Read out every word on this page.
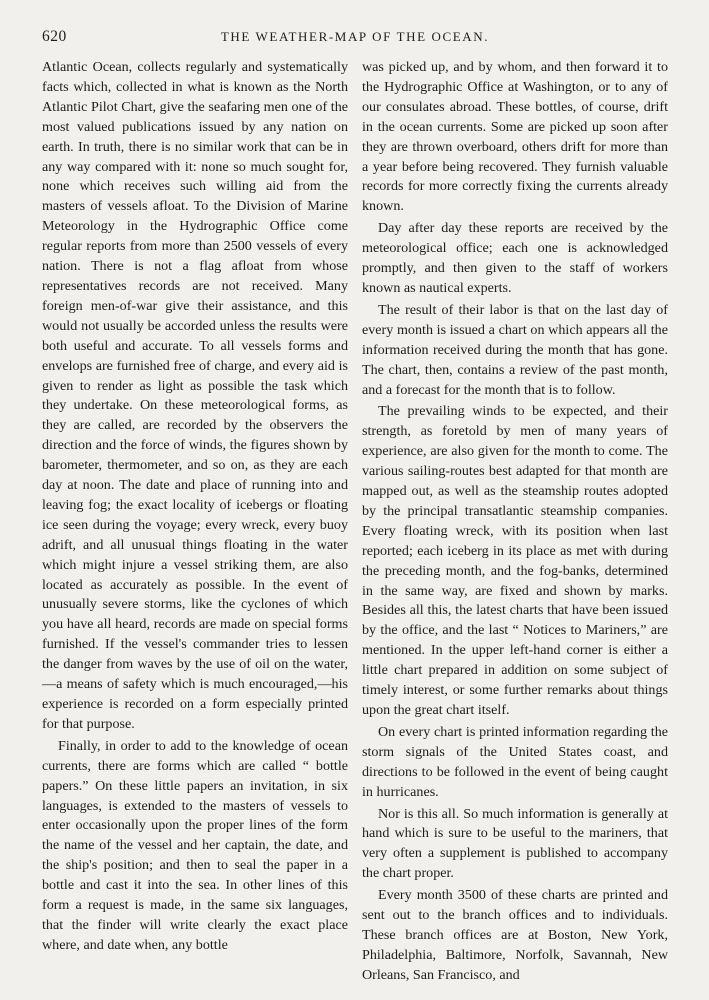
620	THE WEATHER-MAP OF THE OCEAN.

Atlantic Ocean, collects regularly and systematically facts which, collected in what is known as the North Atlantic Pilot Chart, give the seafaring men one of the most valued publications issued by any nation on earth. In truth, there is no similar work that can be in any way compared with it: none so much sought for, none which receives such willing aid from the masters of vessels afloat. To the Division of Marine Meteorology in the Hydrographic Office come regular reports from more than 2500 vessels of every nation. There is not a flag afloat from whose representatives records are not received. Many foreign men-of-war give their assistance, and this would not usually be accorded unless the results were both useful and accurate. To all vessels forms and envelops are furnished free of charge, and every aid is given to render as light as possible the task which they undertake. On these meteorological forms, as they are called, are recorded by the observers the direction and the force of winds, the figures shown by barometer, thermometer, and so on, as they are each day at noon. The date and place of running into and leaving fog; the exact locality of icebergs or floating ice seen during the voyage; every wreck, every buoy adrift, and all unusual things floating in the water which might injure a vessel striking them, are also located as accurately as possible. In the event of unusually severe storms, like the cyclones of which you have all heard, records are made on special forms furnished. If the vessel's commander tries to lessen the danger from waves by the use of oil on the water,—a means of safety which is much encouraged,—his experience is recorded on a form especially printed for that purpose.

Finally, in order to add to the knowledge of ocean currents, there are forms which are called “ bottle papers.” On these little papers an invitation, in six languages, is extended to the masters of vessels to enter occasionally upon the proper lines of the form the name of the vessel and her captain, the date, and the ship's position; and then to seal the paper in a bottle and cast it into the sea. In other lines of this form a request is made, in the same six languages, that the finder will write clearly the exact place where, and date when, any bottle

was picked up, and by whom, and then forward it to the Hydrographic Office at Washington, or to any of our consulates abroad. These bottles, of course, drift in the ocean currents. Some are picked up soon after they are thrown overboard, others drift for more than a year before being recovered. They furnish valuable records for more correctly fixing the currents already known.

Day after day these reports are received by the meteorological office; each one is acknowledged promptly, and then given to the staff of workers known as nautical experts.

The result of their labor is that on the last day of every month is issued a chart on which appears all the information received during the month that has gone. The chart, then, contains a review of the past month, and a forecast for the month that is to follow.

The prevailing winds to be expected, and their strength, as foretold by men of many years of experience, are also given for the month to come. The various sailing-routes best adapted for that month are mapped out, as well as the steamship routes adopted by the principal transatlantic steamship companies. Every floating wreck, with its position when last reported; each iceberg in its place as met with during the preceding month, and the fog-banks, determined in the same way, are fixed and shown by marks. Besides all this, the latest charts that have been issued by the office, and the last “ Notices to Mariners,” are mentioned. In the upper left-hand corner is either a little chart prepared in addition on some subject of timely interest, or some further remarks about things upon the great chart itself.

On every chart is printed information regarding the storm signals of the United States coast, and directions to be followed in the event of being caught in hurricanes.

Nor is this all. So much information is generally at hand which is sure to be useful to the mariners, that very often a supplement is published to accompany the chart proper.

Every month 3500 of these charts are printed and sent out to the branch offices and to individuals. These branch offices are at Boston, New York, Philadelphia, Baltimore, Norfolk, Savannah, New Orleans, San Francisco, and
